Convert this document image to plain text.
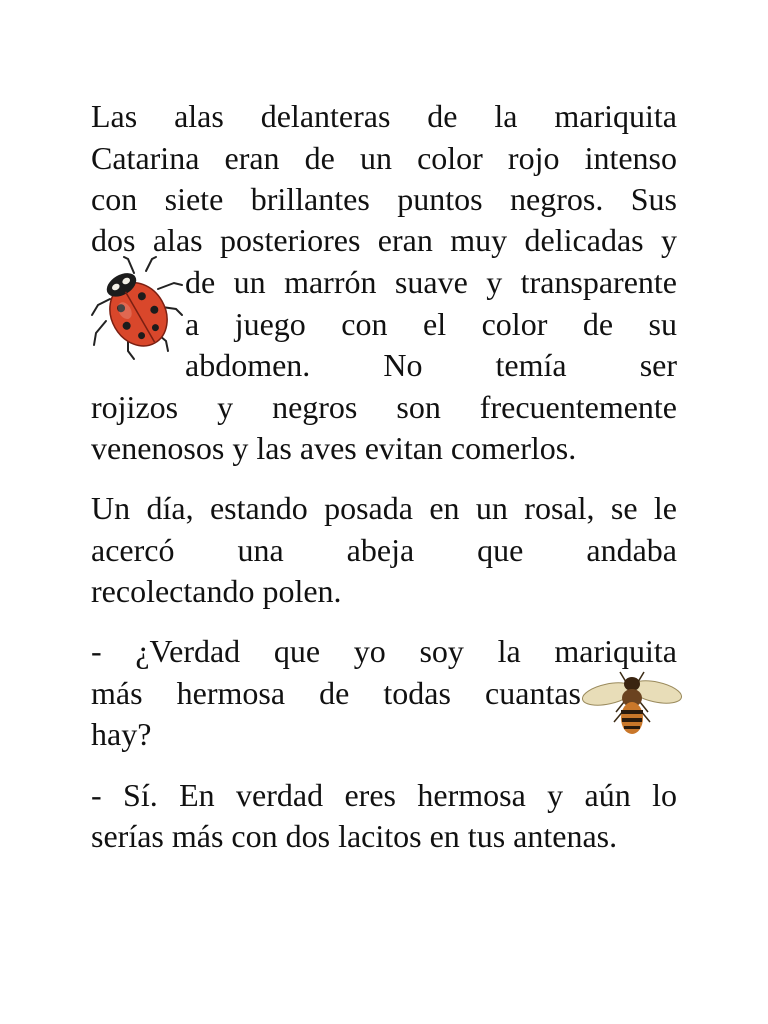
Las alas delanteras de la mariquita
Catarina eran de un color rojo intenso
con siete brillantes puntos negros. Sus
dos alas posteriores eran muy delicadas y
de un marrón suave y transparente
a juego con el color de su
abdomen. No temía ser
rojizos y negros son frecuentemente
venenosos y las aves evitan comerlos.
Un día, estando posada en un rosal, se le
acercó una abeja que andaba
recolectando polen.
- ¿Verdad que yo soy la mariquita
más hermosa de todas cuantas
hay?
- Sí. En verdad eres hermosa y aún lo
serías más con dos lacitos en tus antenas.
